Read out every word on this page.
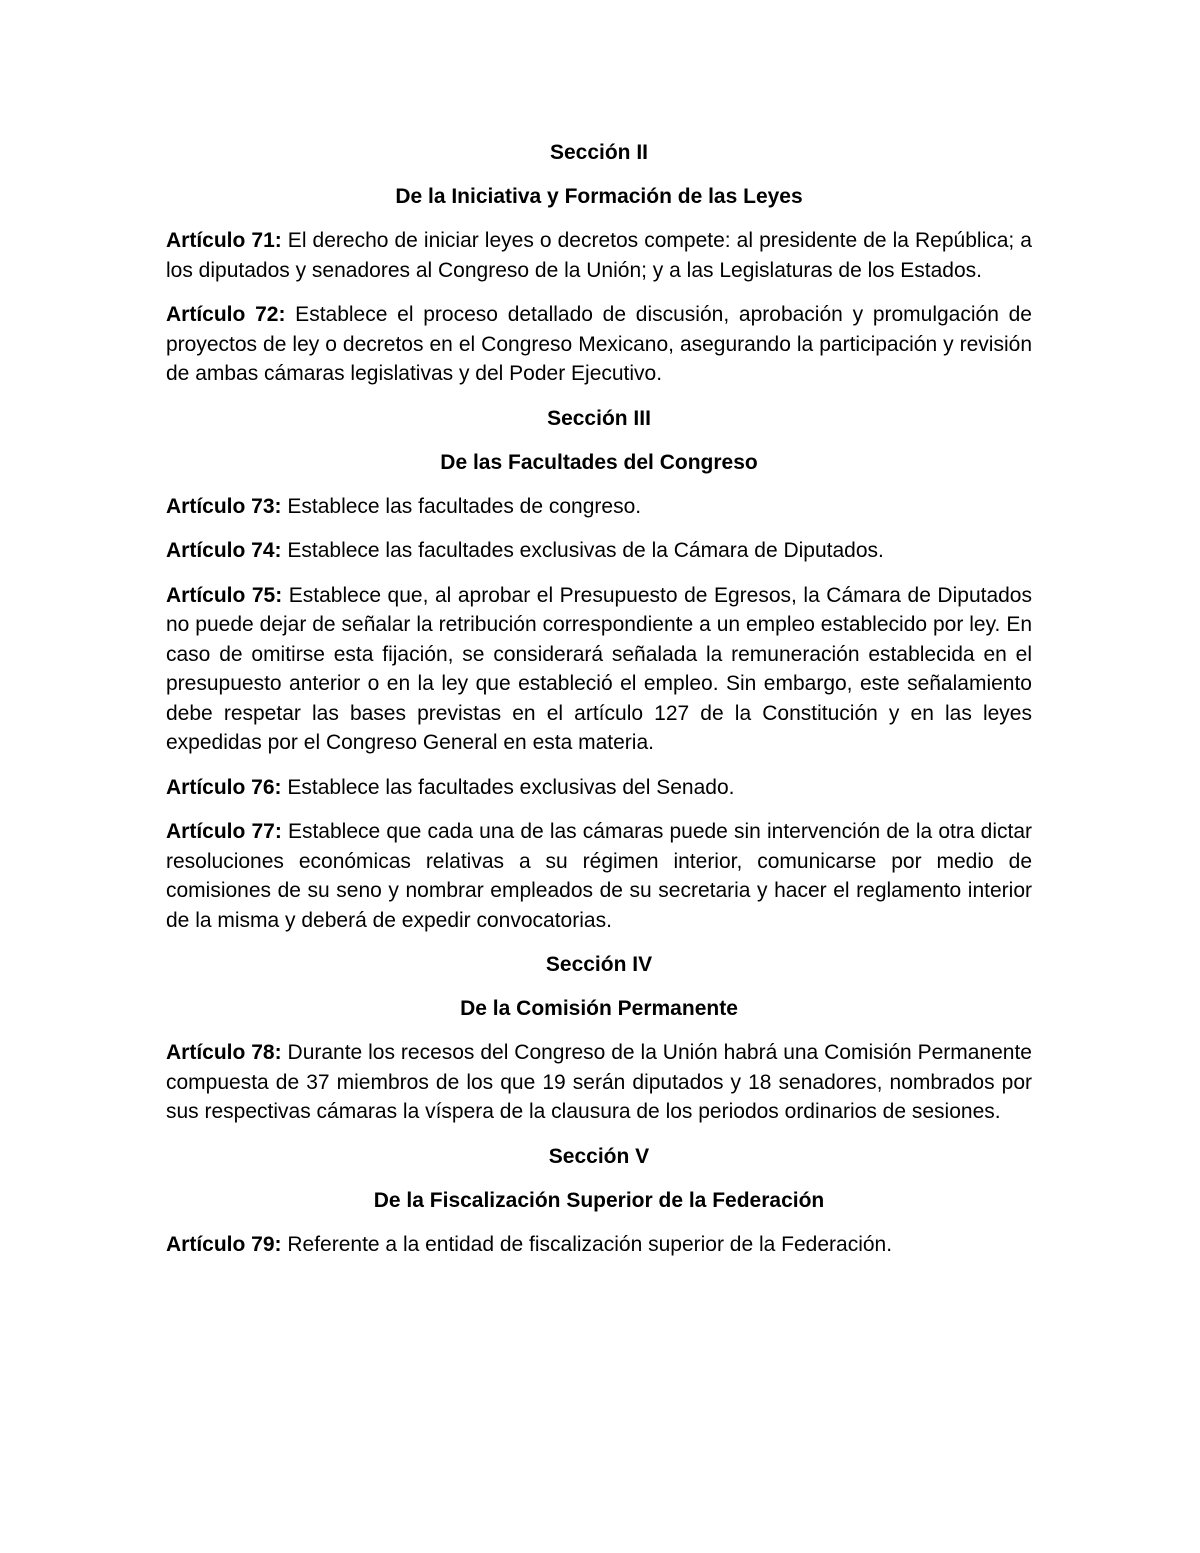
Sección II
De la Iniciativa y Formación de las Leyes

Artículo 71: El derecho de iniciar leyes o decretos compete: al presidente de la República; a los diputados y senadores al Congreso de la Unión; y a las Legislaturas de los Estados.

Artículo 72: Establece el proceso detallado de discusión, aprobación y promulgación de proyectos de ley o decretos en el Congreso Mexicano, asegurando la participación y revisión de ambas cámaras legislativas y del Poder Ejecutivo.

Sección III
De las Facultades del Congreso

Artículo 73: Establece las facultades de congreso.

Artículo 74: Establece las facultades exclusivas de la Cámara de Diputados.

Artículo 75: Establece que, al aprobar el Presupuesto de Egresos, la Cámara de Diputados no puede dejar de señalar la retribución correspondiente a un empleo establecido por ley. En caso de omitirse esta fijación, se considerará señalada la remuneración establecida en el presupuesto anterior o en la ley que estableció el empleo. Sin embargo, este señalamiento debe respetar las bases previstas en el artículo 127 de la Constitución y en las leyes expedidas por el Congreso General en esta materia.

Artículo 76: Establece las facultades exclusivas del Senado.

Artículo 77: Establece que cada una de las cámaras puede sin intervención de la otra dictar resoluciones económicas relativas a su régimen interior, comunicarse por medio de comisiones de su seno y nombrar empleados de su secretaria y hacer el reglamento interior de la misma y deberá de expedir convocatorias.

Sección IV
De la Comisión Permanente

Artículo 78: Durante los recesos del Congreso de la Unión habrá una Comisión Permanente compuesta de 37 miembros de los que 19 serán diputados y 18 senadores, nombrados por sus respectivas cámaras la víspera de la clausura de los periodos ordinarios de sesiones.

Sección V
De la Fiscalización Superior de la Federación

Artículo 79: Referente a la entidad de fiscalización superior de la Federación.
